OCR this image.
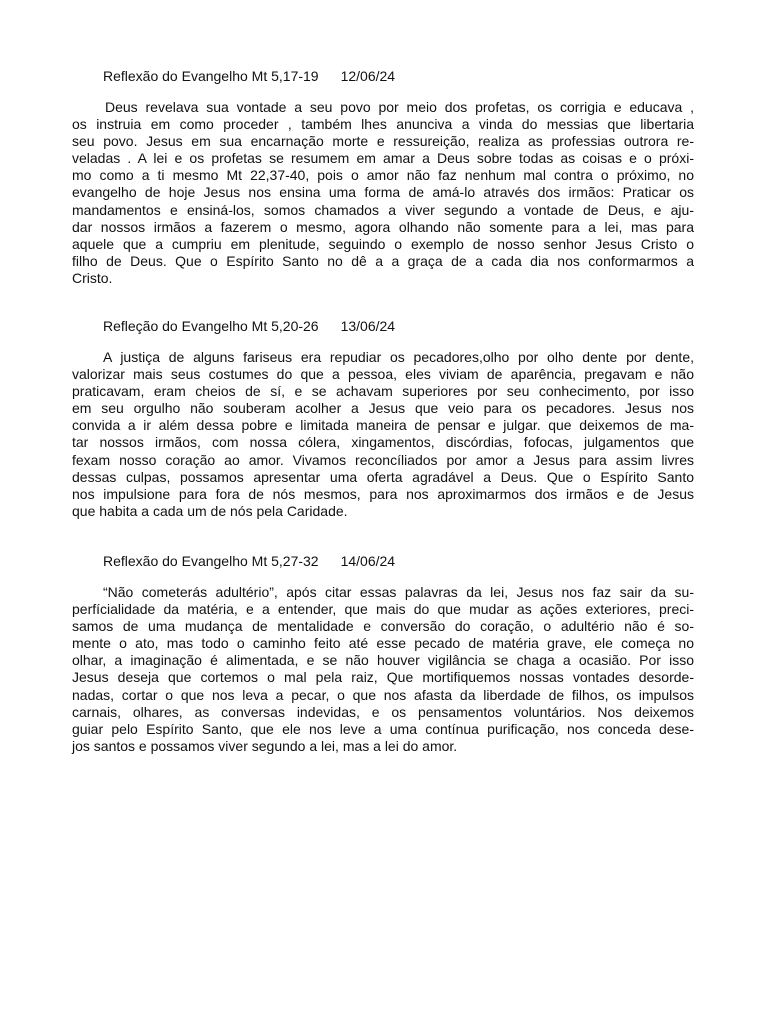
Reflexão do Evangelho Mt 5,17-19 12/06/24

Deus revelava sua vontade a seu povo por meio dos profetas, os corrigia e educava ,
os instruia em como proceder , também lhes anunciva a vinda do messias que libertaria
seu povo. Jesus em sua encarnação morte e ressureição, realiza as professias outrora re-
veladas . A lei e os profetas se resumem em amar a Deus sobre todas as coisas e o próxi-
mo como a ti mesmo Mt 22,37-40, pois o amor não faz nenhum mal contra o próximo, no
evangelho de hoje Jesus nos ensina uma forma de amá-lo através dos irmãos: Praticar os
mandamentos e ensiná-los, somos chamados a viver segundo a vontade de Deus, e aju-
dar nossos irmãos a fazerem o mesmo, agora olhando não somente para a lei, mas para
aquele que a cumpriu em plenitude, seguindo o exemplo de nosso senhor Jesus Cristo o
filho de Deus. Que o Espírito Santo no dê a a graça de a cada dia nos conformarmos a
Cristo.

Refleção do Evangelho Mt 5,20-26 13/06/24

A justiça de alguns fariseus era repudiar os pecadores,olho por olho dente por dente,
valorizar mais seus costumes do que a pessoa, eles viviam de aparência, pregavam e não
praticavam, eram cheios de sí, e se achavam superiores por seu conhecimento, por isso
em seu orgulho não souberam acolher a Jesus que veio para os pecadores. Jesus nos
convida a ir além dessa pobre e limitada maneira de pensar e julgar. que deixemos de ma-
tar nossos irmãos, com nossa cólera, xingamentos, discórdias, fofocas, julgamentos que
fexam nosso coração ao amor. Vivamos reconcíliados por amor a Jesus para assim livres
dessas culpas, possamos apresentar uma oferta agradável a Deus. Que o Espírito Santo
nos impulsione para fora de nós mesmos, para nos aproximarmos dos irmãos e de Jesus
que habita a cada um de nós pela Caridade.

Reflexão do Evangelho Mt 5,27-32 14/06/24

“Não cometerás adultério”, após citar essas palavras da lei, Jesus nos faz sair da su-
perfícialidade da matéria, e a entender, que mais do que mudar as ações exteriores, preci-
samos de uma mudança de mentalidade e conversão do coração, o adultério não é so-
mente o ato, mas todo o caminho feito até esse pecado de matéria grave, ele começa no
olhar, a imaginação é alimentada, e se não houver vigilância se chaga a ocasião. Por isso
Jesus deseja que cortemos o mal pela raiz, Que mortifiquemos nossas vontades desorde-
nadas, cortar o que nos leva a pecar, o que nos afasta da liberdade de filhos, os impulsos
carnais, olhares, as conversas indevidas, e os pensamentos voluntários. Nos deixemos
guiar pelo Espírito Santo, que ele nos leve a uma contínua purificação, nos conceda dese-
jos santos e possamos viver segundo a lei, mas a lei do amor.
